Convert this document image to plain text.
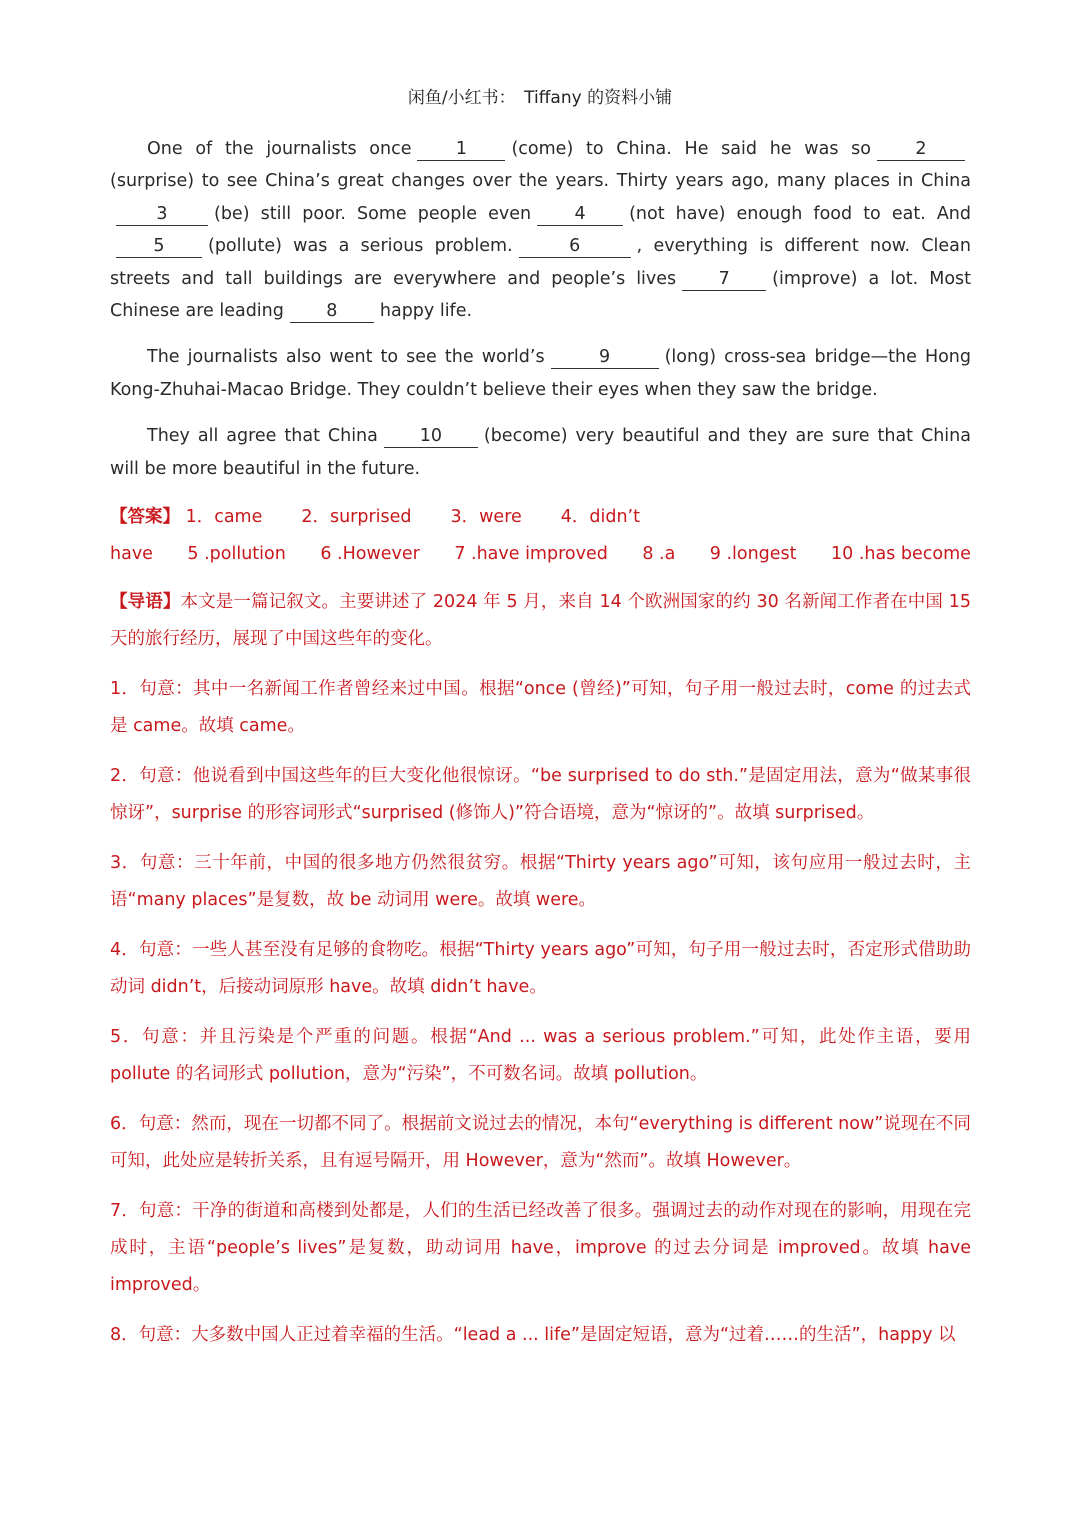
闲鱼/小红书：　Tiffany 的资料小铺

One of the journalists once	1	(come) to China. He said he was so	2(surprise) to see China’s great changes over the years. Thirty years ago, many places in China3	(be) still poor. Some people even 4 (not have) enough food to eat. And5 (pollute) was a serious problem.	6	, everything is different now. Clean streets and tall buildings are everywhere and people’s lives 7 (improve) a lot. Most Chinese are leading 8 happy life.

The journalists also went to see the world’s	9	(long) cross-sea bridge—the Hong Kong-Zhuhai-Macao Bridge. They couldn’t believe their eyes when they saw the bridge.

They all agree that China 10 (become) very beautiful and they are sure that China will be more beautiful in the future.

【答案】 1．came 2．surprised 3．were 4．didn’t
have 5 .pollution 6 .However 7 .have improved 8 .a 9 .longest 10 .has become

【导语】本文是一篇记叙文。主要讲述了 2024 年 5 月，来自 14 个欧洲国家的约 30 名新闻工作者在中国 15 天的旅行经历，展现了中国这些年的变化。

1．句意：其中一名新闻工作者曾经来过中国。根据“once (曾经)”可知，句子用一般过去时，come 的过去式是 came。故填 came。

2．句意：他说看到中国这些年的巨大变化他很惊讶。“be surprised to do sth.”是固定用法，意为“做某事很惊讶”，surprise 的形容词形式“surprised (修饰人)”符合语境，意为“惊讶的”。故填 surprised。

3．句意：三十年前，中国的很多地方仍然很贫穷。根据“Thirty years ago”可知，该句应用一般过去时，主语“many places”是复数，故 be 动词用 were。故填 were。

4．句意：一些人甚至没有足够的食物吃。根据“Thirty years ago”可知，句子用一般过去时，否定形式借助助动词 didn’t，后接动词原形 have。故填 didn’t have。

5．句意：并且污染是个严重的问题。根据“And ... was a serious problem.”可知，此处作主语，要用 pollute 的名词形式 pollution，意为“污染”，不可数名词。故填 pollution。

6．句意：然而，现在一切都不同了。根据前文说过去的情况，本句“everything is different now”说现在不同可知，此处应是转折关系，且有逗号隔开，用 However，意为“然而”。故填 However。

7．句意：干净的街道和高楼到处都是，人们的生活已经改善了很多。强调过去的动作对现在的影响，用现在完成时，主语“people’s lives”是复数，助动词用 have，improve 的过去分词是 improved。故填 have improved。

8．句意：大多数中国人正过着幸福的生活。“lead a ... life”是固定短语，意为“过着……的生活”，happy 以
